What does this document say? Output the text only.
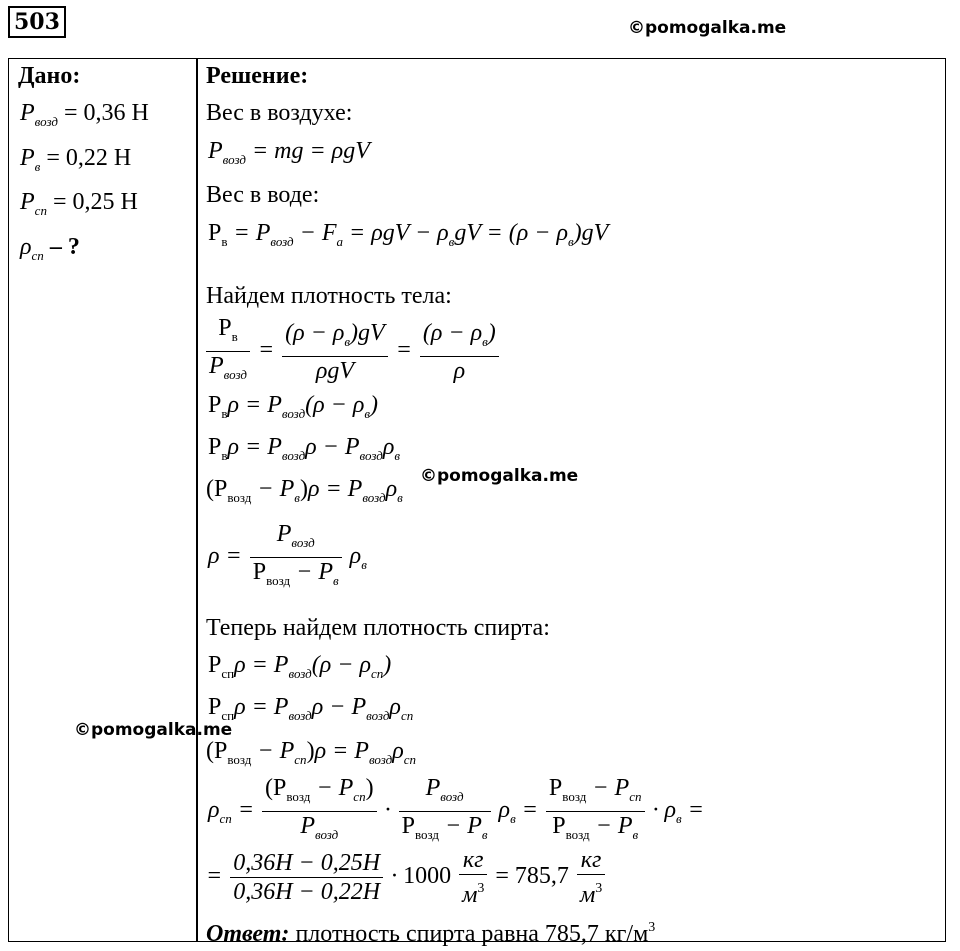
503	©pomogalka.me
Дано:
$P_{возд} = 0,36$ Н
$P_в = 0,22$ Н
$P_{сп} = 0,25$ Н
$\rho_{сп}$ – ?
Решение:
Вес в воздухе:
$P_{возд}$ = mg = ρgV
Вес в воде:
$Р_в = P_{возд} - F_a = \rho gV - \rho_вgV = (\rho - \rho_в)gV$
Найдем плотность тела:
$\frac{Р_в}{P_{возд}} = \frac{(\rho - \rho_в)gV}{\text{ρgV}} = \frac{(\rho - \rho_в)}{\rho}$
$Р_в\rho = P_{возд}(\rho - \rho_в)$
$Р_в\rho = P_{возд}\rho - P_{возд}\rho_в$
$(Р_{возд} - P_в)\rho = P_{возд}\rho_в$
©pomogalka.me
$\rho = \frac{P_{возд}}{Р_{возд} - P_в} \rho_в$
Теперь найдем плотность спирта:
$Р_{сп}\rho = P_{возд}(\rho - \rho_{сп})$
$Р_{сп}\rho = P_{возд}\rho - P_{возд}\rho_{сп}$
©pomogalka.me
$(Р_{возд} - P_{сп})\rho = P_{возд}\rho_{сп}$
$\rho_{сп} = \frac{(Р_{возд} - P_{сп})}{P_{возд}} \cdot \frac{P_{возд}}{Р_{возд} - P_в} \rho_в = \frac{Р_{возд} - P_{сп}}{Р_{возд} - P_в} \cdot \rho_в$ =
= $\frac{0,36H - 0,25H}{0,36H - 0,22H} \cdot 1000 \frac{кг}{м^3} = 785,7 \frac{кг}{м^3}$
Ответ: плотность спирта равна 785,7 $кг/м^3$
